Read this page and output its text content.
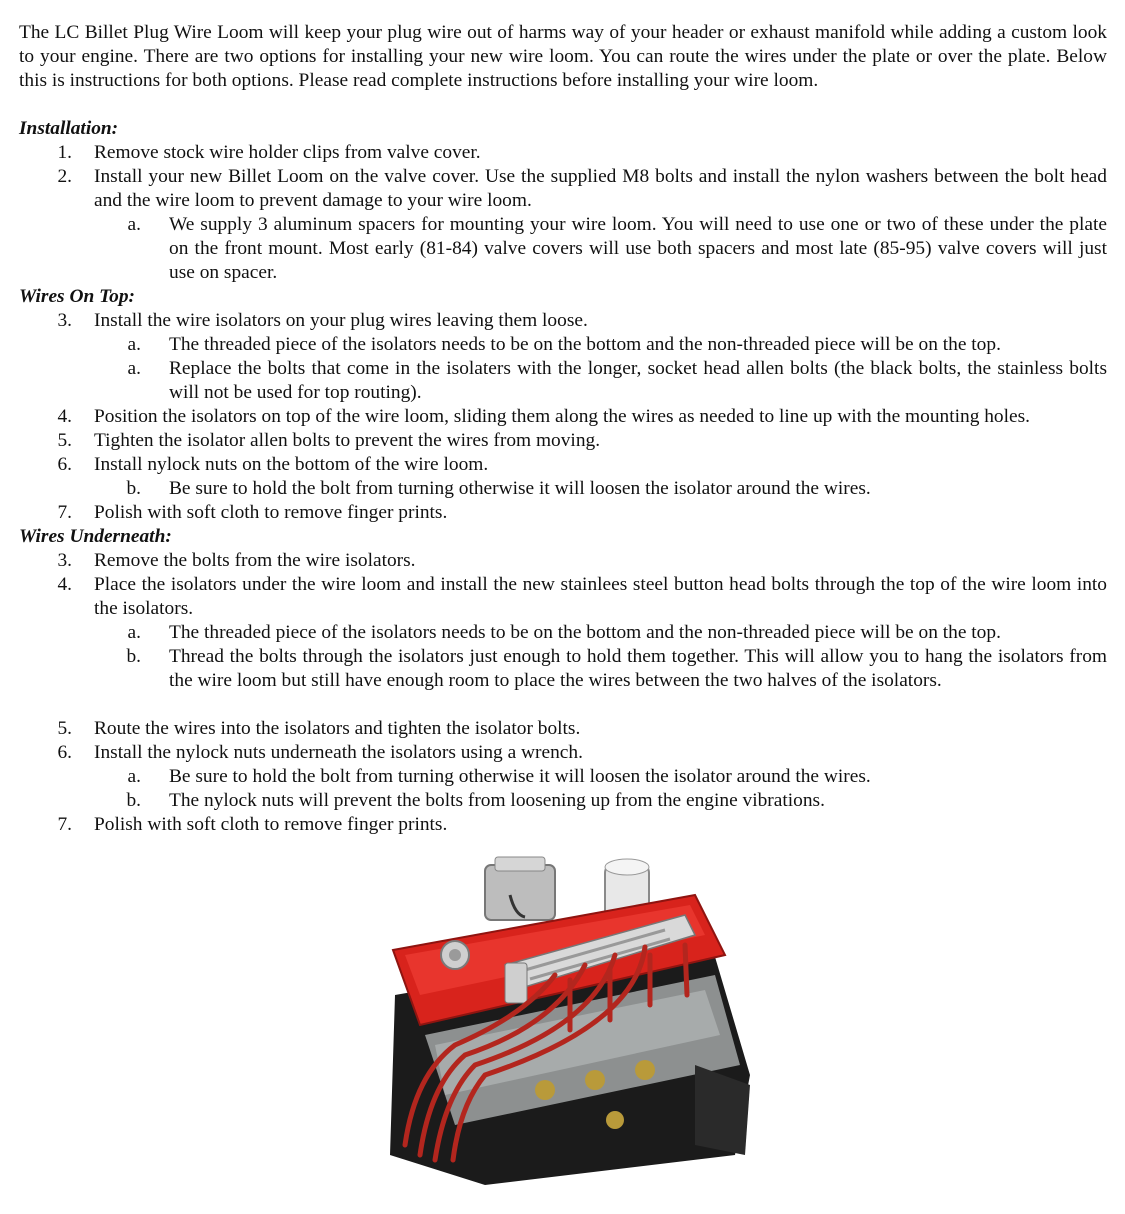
The LC Billet Plug Wire Loom will keep your plug wire out of harms way of your header or exhaust manifold while adding a custom look to your engine. There are two options for installing your new wire loom. You can route the wires under the plate or over the plate. Below this is instructions for both options. Please read complete instructions before installing your wire loom.
Installation:
1. Remove stock wire holder clips from valve cover.
2. Install your new Billet Loom on the valve cover. Use the supplied M8 bolts and install the nylon washers between the bolt head and the wire loom to prevent damage to your wire loom.
a. We supply 3 aluminum spacers for mounting your wire loom. You will need to use one or two of these under the plate on the front mount. Most early (81-84) valve covers will use both spacers and most late (85-95) valve covers will just use on spacer.
Wires On Top:
3. Install the wire isolators on your plug wires leaving them loose.
a. The threaded piece of the isolators needs to be on the bottom and the non-threaded piece will be on the top.
a. Replace the bolts that come in the isolaters with the longer, socket head allen bolts (the black bolts, the stainless bolts will not be used for top routing).
4. Position the isolators on top of the wire loom, sliding them along the wires as needed to line up with the mounting holes.
5. Tighten the isolator allen bolts to prevent the wires from moving.
6. Install nylock nuts on the bottom of the wire loom.
b. Be sure to hold the bolt from turning otherwise it will loosen the isolator around the wires.
7. Polish with soft cloth to remove finger prints.
Wires Underneath:
3. Remove the bolts from the wire isolators.
4. Place the isolators under the wire loom and install the new stainlees steel button head bolts through the top of the wire loom into the isolators.
a. The threaded piece of the isolators needs to be on the bottom and the non-threaded piece will be on the top.
b. Thread the bolts through the isolators just enough to hold them together. This will allow you to hang the isolators from the wire loom but still have enough room to place the wires between the two halves of the isolators.
5. Route the wires into the isolators and tighten the isolator bolts.
6. Install the nylock nuts underneath the isolators using a wrench.
a. Be sure to hold the bolt from turning otherwise it will loosen the isolator around the wires.
b. The nylock nuts will prevent the bolts from loosening up from the engine vibrations.
7. Polish with soft cloth to remove finger prints.
